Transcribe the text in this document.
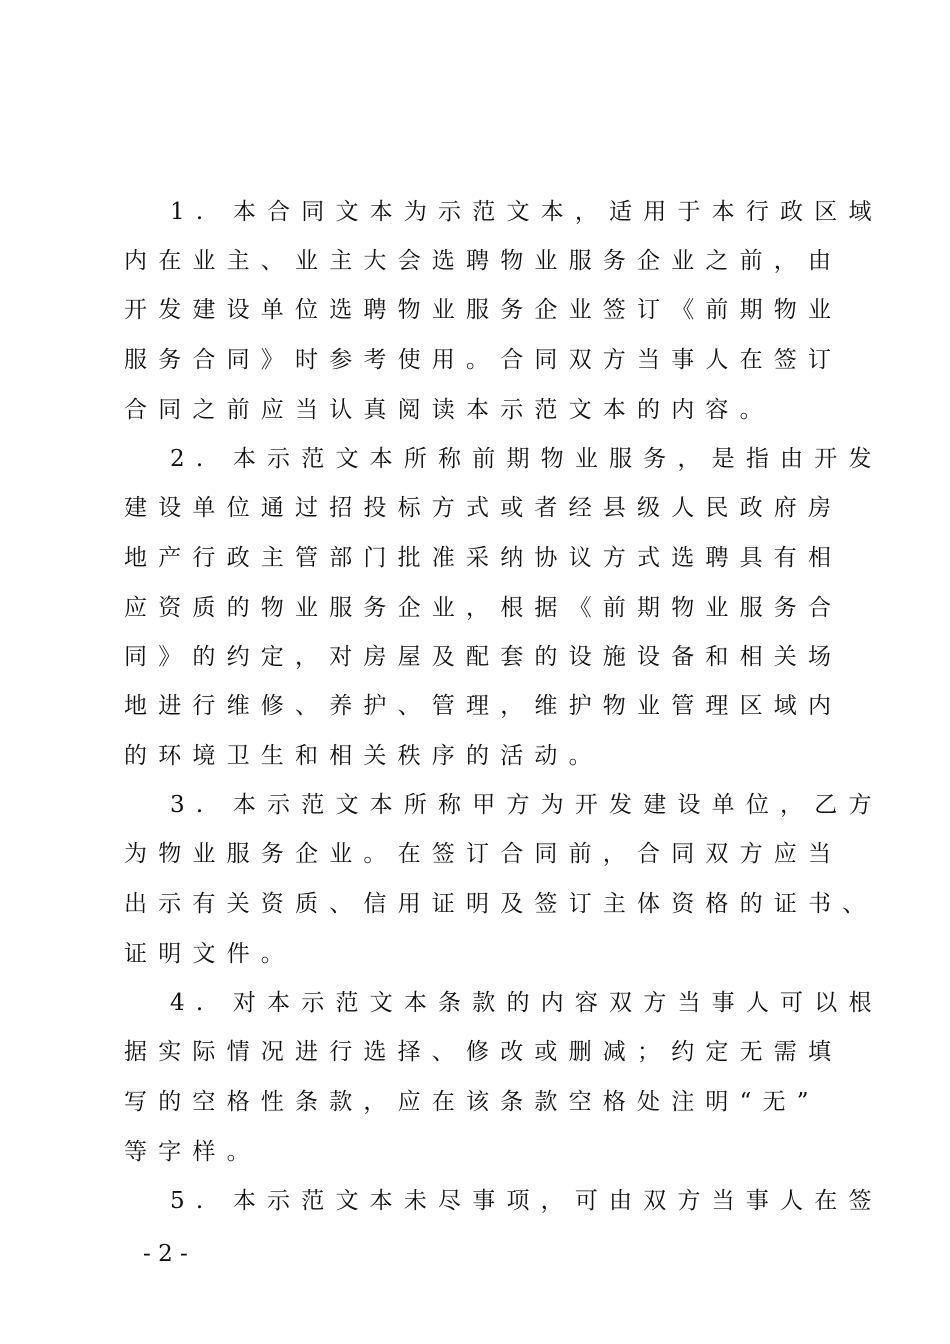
1. 本合同文本为示范文本，适用于本行政区域
内在业主、业主大会选聘物业服务企业之前，由
开发建设单位选聘物业服务企业签订《前期物业
服务合同》时参考使用。合同双方当事人在签订
合同之前应当认真阅读本示范文本的内容。
2. 本示范文本所称前期物业服务，是指由开发
建设单位通过招投标方式或者经县级人民政府房
地产行政主管部门批准采纳协议方式选聘具有相
应资质的物业服务企业，根据《前期物业服务合
同》的约定，对房屋及配套的设施设备和相关场
地进行维修、养护、管理，维护物业管理区域内
的环境卫生和相关秩序的活动。
3. 本示范文本所称甲方为开发建设单位，乙方
为物业服务企业。在签订合同前，合同双方应当
出示有关资质、信用证明及签订主体资格的证书、
证明文件。
4. 对本示范文本条款的内容双方当事人可以根
据实际情况进行选择、修改或删减；约定无需填
写的空格性条款，应在该条款空格处注明“无”
等字样。
5. 本示范文本未尽事项，可由双方当事人在签
- 2 -
